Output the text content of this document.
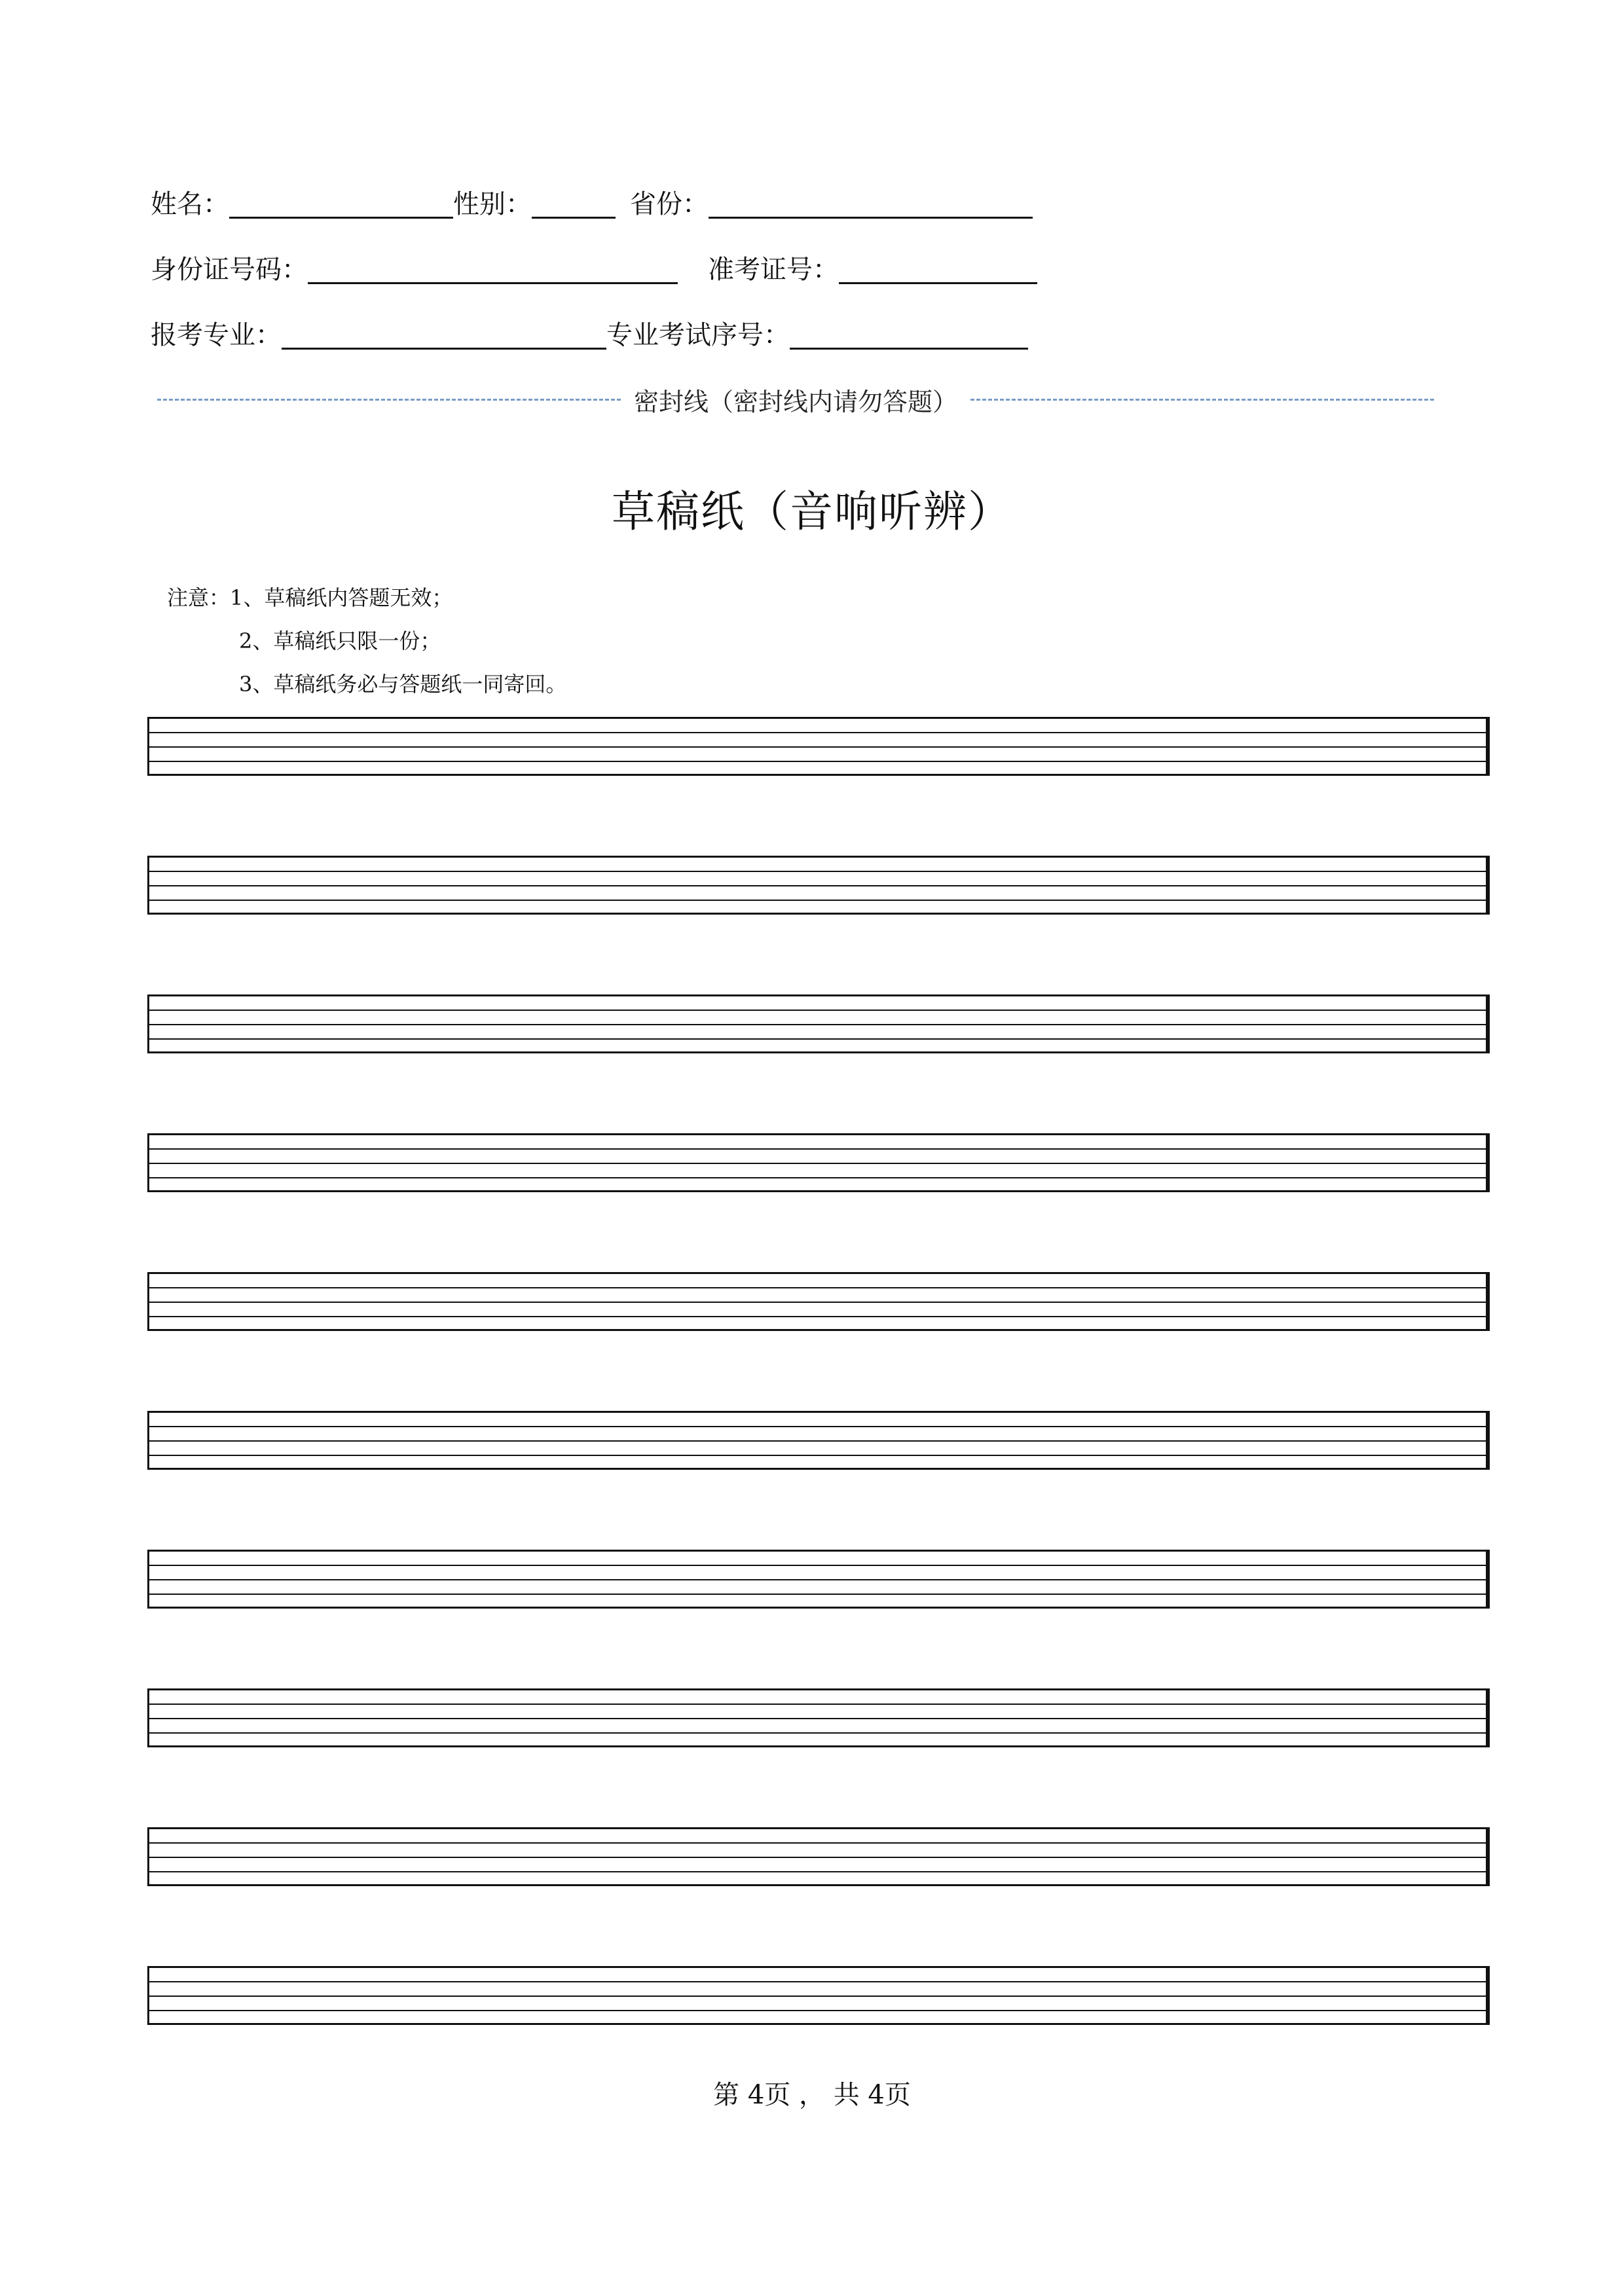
姓名：	性别：	省份：
身份证号码：	准考证号：
报考专业：	专业考试序号：
密封线（密封线内请勿答题）
草稿纸（音响听辨）
注意：1、草稿纸内答题无效；
2、草稿纸只限一份；
3、草稿纸务必与答题纸一同寄回。
第 4页 ， 共 4页
